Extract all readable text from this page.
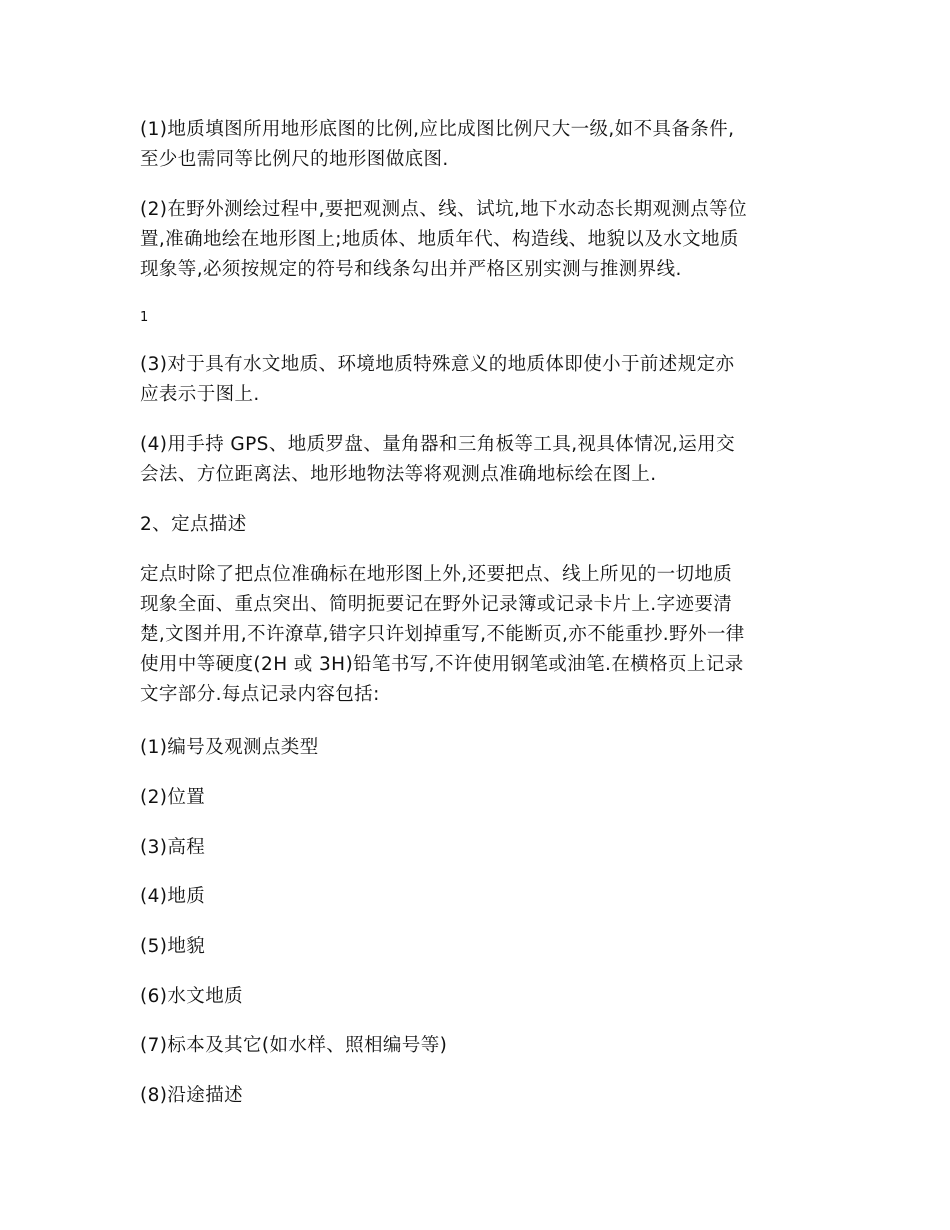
(1)地质填图所用地形底图的比例,应比成图比例尺大一级,如不具备条件,
至少也需同等比例尺的地形图做底图.

(2)在野外测绘过程中,要把观测点、线、试坑,地下水动态长期观测点等位
置,准确地绘在地形图上;地质体、地质年代、构造线、地貌以及水文地质
现象等,必须按规定的符号和线条勾出并严格区别实测与推测界线.

1

(3)对于具有水文地质、环境地质特殊意义的地质体即使小于前述规定亦
应表示于图上.

(4)用手持 GPS、地质罗盘、量角器和三角板等工具,视具体情况,运用交
会法、方位距离法、地形地物法等将观测点准确地标绘在图上.

2、定点描述

定点时除了把点位准确标在地形图上外,还要把点、线上所见的一切地质
现象全面、重点突出、简明扼要记在野外记录簿或记录卡片上.字迹要清
楚,文图并用,不许潦草,错字只许划掉重写,不能断页,亦不能重抄.野外一律
使用中等硬度(2H 或 3H)铅笔书写,不许使用钢笔或油笔.在横格页上记录
文字部分.每点记录内容包括:

(1)编号及观测点类型

(2)位置

(3)高程

(4)地质

(5)地貌

(6)水文地质

(7)标本及其它(如水样、照相编号等)

(8)沿途描述
